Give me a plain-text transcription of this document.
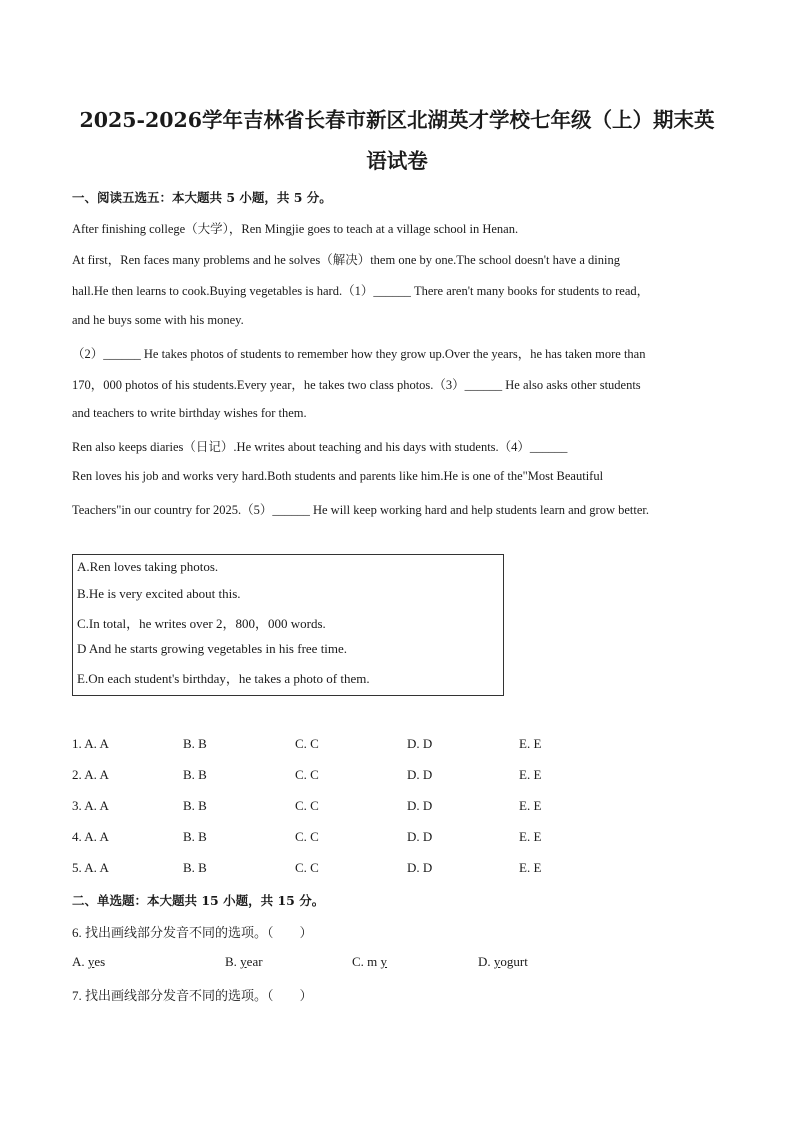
2025-2026学年吉林省长春市新区北湖英才学校七年级（上）期末英
语试卷
一、阅读五选五：本大题共 5 小题，共 5 分。
After finishing college（大学），Ren Mingjie goes to teach at a village school in Henan.
At first，Ren faces many problems and he solves（解决）them one by one.The school doesn't have a dining
hall.He then learns to cook.Buying vegetables is hard.（1）______ There aren't many books for students to read，
and he buys some with his money.
（2）______ He takes photos of students to remember how they grow up.Over the years，he has taken more than
170，000 photos of his students.Every year，he takes two class photos.（3）______ He also asks other students
and teachers to write birthday wishes for them.
Ren also keeps diaries（日记）.He writes about teaching and his days with students.（4）______
Ren loves his job and works very hard.Both students and parents like him.He is one of the"Most Beautiful
Teachers"in our country for 2025.（5）______ He will keep working hard and help students learn and grow better.
A.Ren loves taking photos.
B.He is very excited about this.
C.In total，he writes over 2，800，000 words.
D And he starts growing vegetables in his free time.
E.On each student's birthday，he takes a photo of them.
1. A. A	B. B	C. C	D. D	E. E
2. A. A	B. B	C. C	D. D	E. E
3. A. A	B. B	C. C	D. D	E. E
4. A. A	B. B	C. C	D. D	E. E
5. A. A	B. B	C. C	D. D	E. E
二、单选题：本大题共 15 小题，共 15 分。
6. 找出画线部分发音不同的选项。（　　）
A. yes	B. year	C. m y	D. yogurt
7. 找出画线部分发音不同的选项。（　　）
